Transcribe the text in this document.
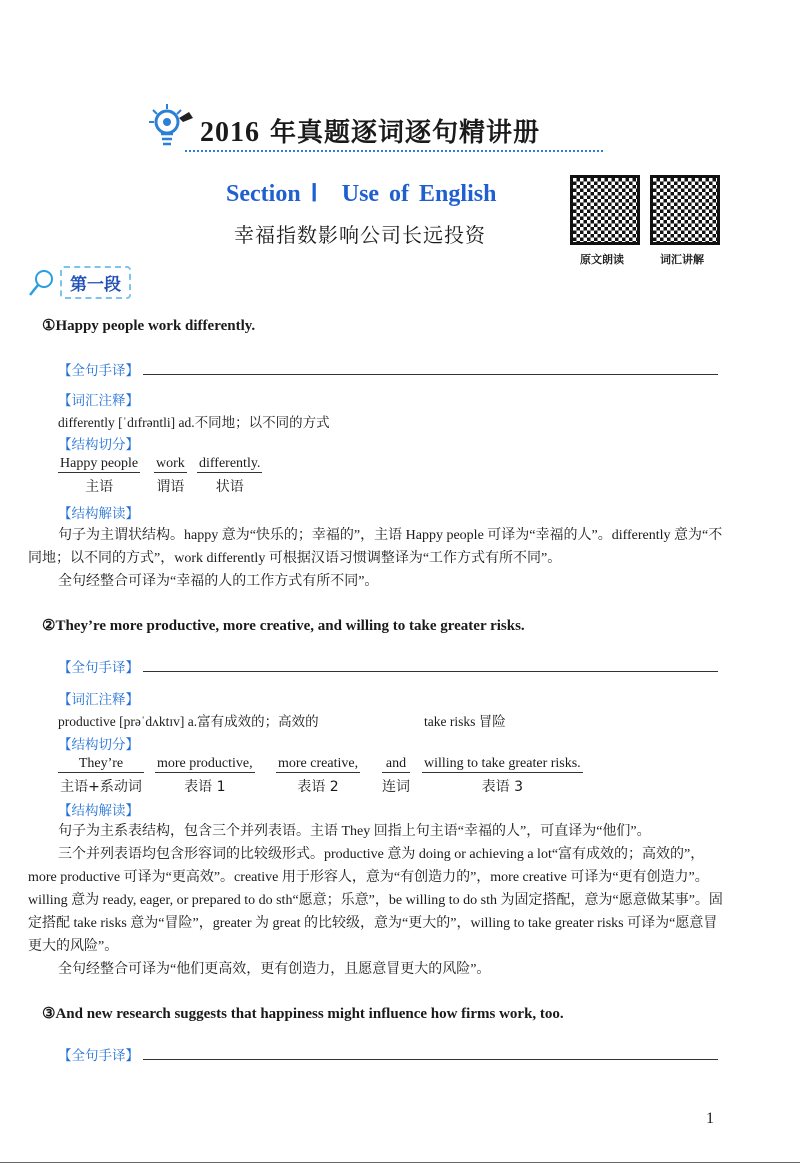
2016 年真题逐词逐句精讲册
Section Ⅰ　Use of English
幸福指数影响公司长远投资
原文朗读	词汇讲解
第一段
①Happy people work differently.
【全句手译】
【词汇注释】
differently [ˈdɪfrəntli] ad.不同地；以不同的方式
【结构切分】
Happy people
主语
work
谓语
differently.
状语
【结构解读】

句子为主谓状结构。happy 意为“快乐的；幸福的”，主语 Happy people 可译为“幸福的人”。differently 意为“不同地；以不同的方式”，work differently 可根据汉语习惯调整译为“工作方式有所不同”。

全句经整合可译为“幸福的人的工作方式有所不同”。

②They’re more productive, more creative, and willing to take greater risks.
【全句手译】
【词汇注释】
productive [prəˈdʌktɪv] a.富有成效的；高效的	take risks 冒险
【结构切分】
They’re
主语+系动词
more productive,
表语 1
more creative,
表语 2
and
连词
willing to take greater risks.
表语 3
【结构解读】

句子为主系表结构，包含三个并列表语。主语 They 回指上句主语“幸福的人”，可直译为“他们”。

三个并列表语均包含形容词的比较级形式。productive 意为 doing or achieving a lot“富有成效的；高效的”，more productive 可译为“更高效”。creative 用于形容人，意为“有创造力的”，more creative 可译为“更有创造力”。willing 意为 ready, eager, or prepared to do sth“愿意；乐意”，be willing to do sth 为固定搭配，意为“愿意做某事”。固定搭配 take risks 意为“冒险”，greater 为 great 的比较级，意为“更大的”，willing to take greater risks 可译为“愿意冒更大的风险”。

全句经整合可译为“他们更高效，更有创造力，且愿意冒更大的风险”。

③And new research suggests that happiness might influence how firms work, too.
【全句手译】
1
